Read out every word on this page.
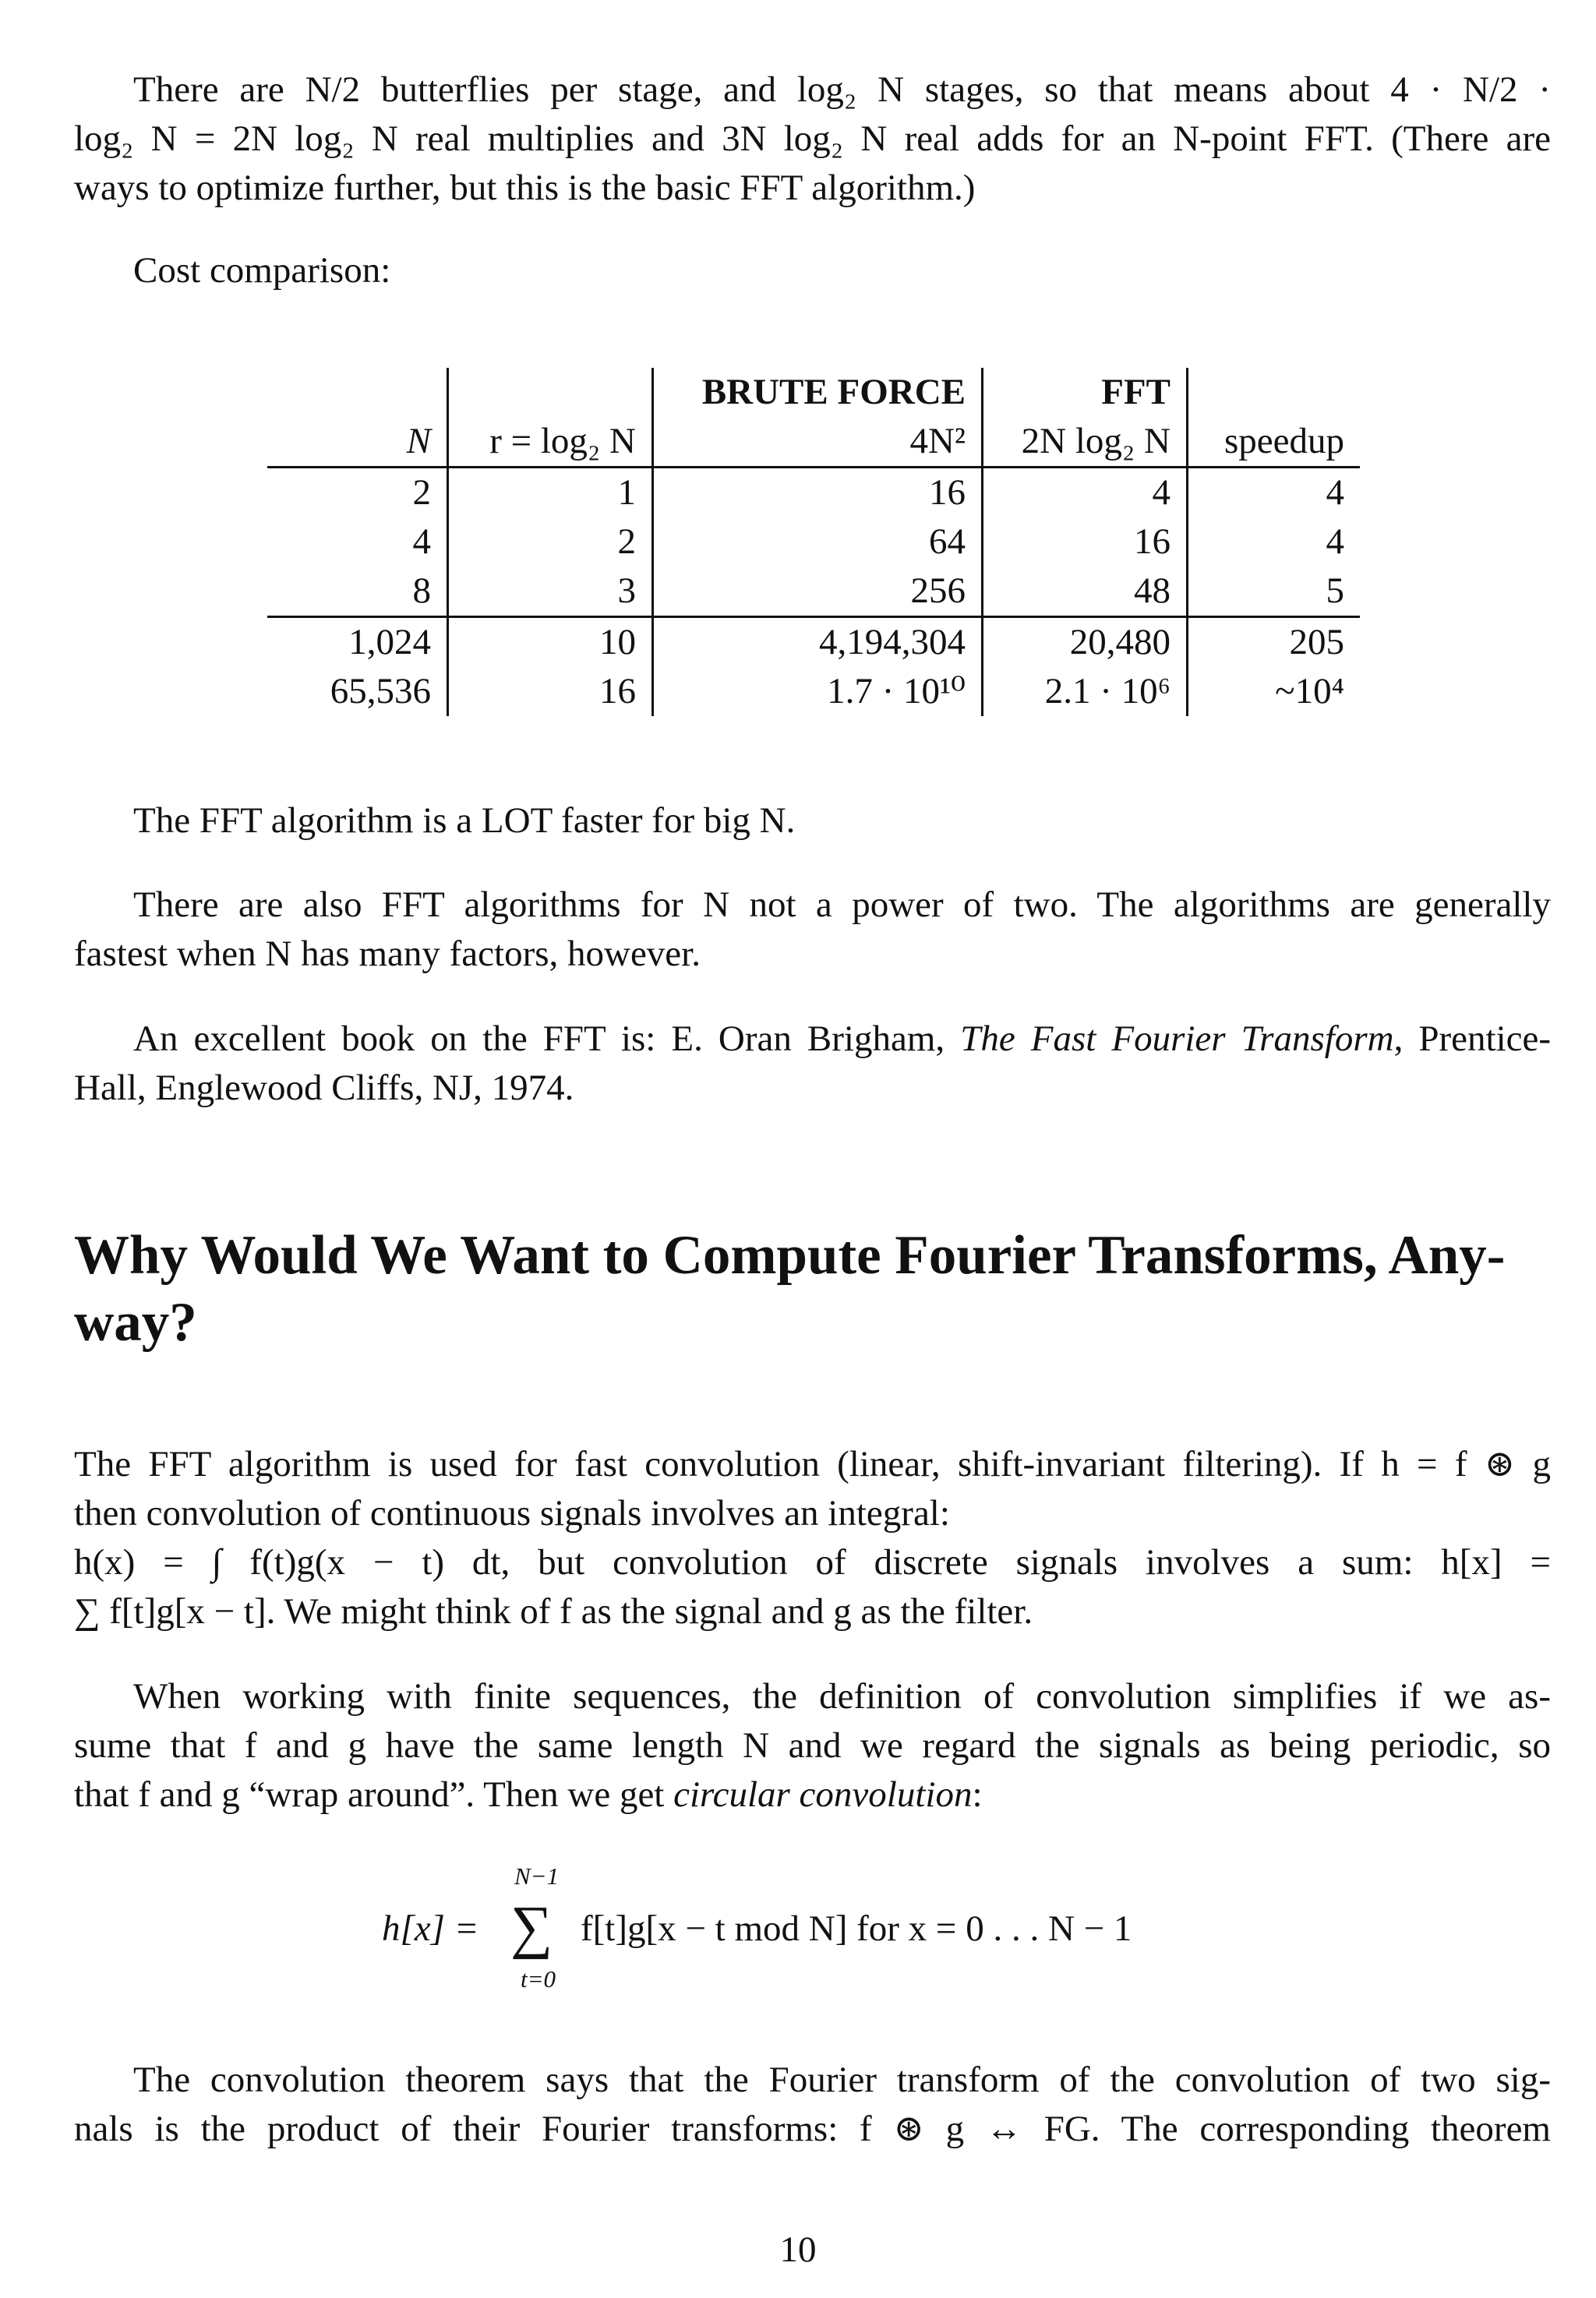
There are N/2 butterflies per stage, and log₂ N stages, so that means about 4 · N/2 ·
log₂ N = 2N log₂ N real multiplies and 3N log₂ N real adds for an N-point FFT. (There are
ways to optimize further, but this is the basic FFT algorithm.)
Cost comparison:
		BRUTE FORCE	FFT	
N	r = log₂ N	4N²	2N log₂ N	speedup
2	1	16	4	4
4	2	64	16	4
8	3	256	48	5
1,024	10	4,194,304	20,480	205
65,536	16	1.7 · 10¹⁰	2.1 · 10⁶	~10⁴
The FFT algorithm is a LOT faster for big N.
There are also FFT algorithms for N not a power of two. The algorithms are generally
fastest when N has many factors, however.
An excellent book on the FFT is: E. Oran Brigham, The Fast Fourier Transform, Prentice-
Hall, Englewood Cliffs, NJ, 1974.
Why Would We Want to Compute Fourier Transforms, Any-
way?
The FFT algorithm is used for fast convolution (linear, shift-invariant filtering). If h = f ⊛ g
then convolution of continuous signals involves an integral:
h(x) = ∫ f(t)g(x − t) dt, but convolution of discrete signals involves a sum: h[x] =
∑ f[t]g[x − t]. We might think of f as the signal and g as the filter.
When working with finite sequences, the definition of convolution simplifies if we as-
sume that f and g have the same length N and we regard the signals as being periodic, so
that f and g “wrap around”. Then we get circular convolution:
h[x] =
N−1
∑
t=0
f[t]g[x − t mod N] for x = 0 . . . N − 1
The convolution theorem says that the Fourier transform of the convolution of two sig-
nals is the product of their Fourier transforms: f ⊛ g ↔ FG. The corresponding theorem
10
